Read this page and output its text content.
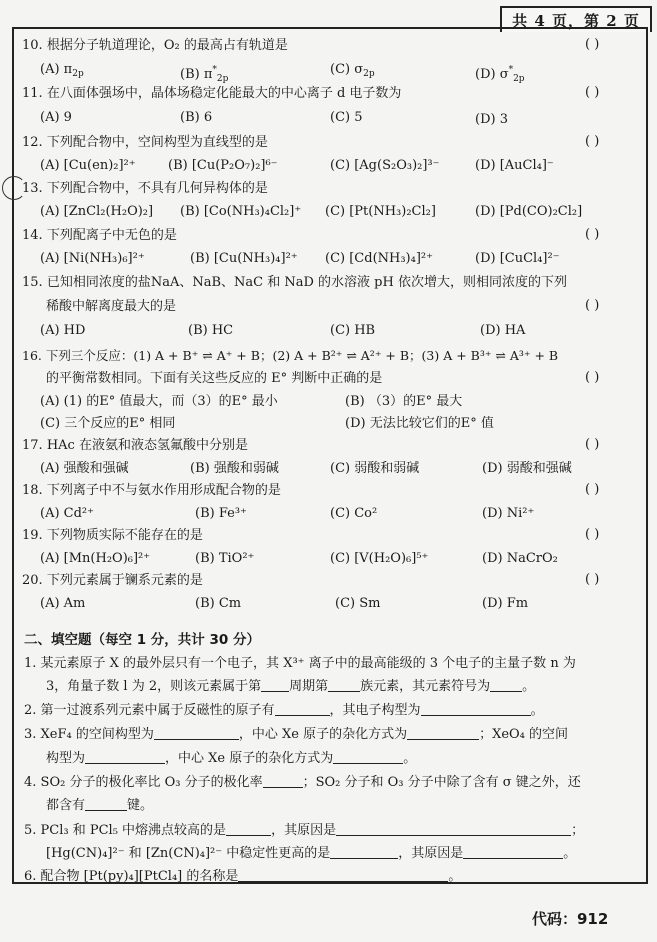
共 4 页，第 2 页
10. 根据分子轨道理论，O₂ 的最高占有轨道是	( )
(A) $\pi_{2p}$	(B) $\pi^*_{2p}$
(C) $\sigma_{2p}$	(D) $\sigma^*_{2p}$
11. 在八面体强场中，晶体场稳定化能最大的中心离子 d 电子数为	( )
(A) 9	(B) 6	(C) 5	(D) 3
12. 下列配合物中，空间构型为直线型的是	( )
(A) [Cu(en)₂]²⁺ (B) [Cu(P₂O₇)₂]⁶⁻	(C) [Ag(S₂O₃)₂]³⁻	(D) [AuCl₄]⁻
13. 下列配合物中，不具有几何异构体的是
(A) [ZnCl₂(H₂O)₂] (B) [Co(NH₃)₄Cl₂]⁺ (C) [Pt(NH₃)₂Cl₂]	(D) [Pd(CO)₂Cl₂]
14. 下列配离子中无色的是	( )
(A) [Ni(NH₃)₆]²⁺	(B) [Cu(NH₃)₄]²⁺ (C) [Cd(NH₃)₄]²⁺	(D) [CuCl₄]²⁻
15. 已知相同浓度的盐NaA、NaB、NaC 和 NaD 的水溶液 pH 依次增大，则相同浓度的下列
稀酸中解离度最大的是	( )
(A) HD	(B) HC	(C) HB	(D) HA
16. 下列三个反应：(1) A + B⁺ ⇌ A⁺ + B；(2) A + B²⁺ ⇌ A²⁺ + B；(3) A + B³⁺ ⇌ A³⁺ + B
的平衡常数相同。下面有关这些反应的 E° 判断中正确的是	( )
(A) (1) 的E° 值最大，而（3）的E° 最小	(B) （3）的E° 最大
(C) 三个反应的E° 相同	(D) 无法比较它们的E° 值
17. HAc 在液氨和液态氢氟酸中分别是	( )
(A) 强酸和强碱	(B) 强酸和弱碱	(C) 弱酸和弱碱	(D) 弱酸和强碱
18. 下列离子中不与氨水作用形成配合物的是	( )
(A) Cd²⁺	(B) Fe³⁺	(C) Co²	(D) Ni²⁺
19. 下列物质实际不能存在的是	( )
(A) [Mn(H₂O)₆]²⁺	(B) TiO²⁺	(C) [V(H₂O)₆]⁵⁺	(D) NaCrO₂
20. 下列元素属于镧系元素的是	( )
(A) Am	(B) Cm	(C) Sm	(D) Fm
二、填空题（每空 1 分，共计 30 分）
1. 某元素原子 X 的最外层只有一个电子，其 X³⁺ 离子中的最高能级的 3 个电子的主量子数 n 为
3，角量子数 l 为 2，则该元素属于第 周期第 族元素，其元素符号为 。
2. 第一过渡系列元素中属于反磁性的原子有	，其电子构型为	。
3. XeF₄ 的空间构型为	，中心 Xe 原子的杂化方式为	；XeO₄ 的空间
构型为	，中心 Xe 原子的杂化方式为	。
4. SO₂ 分子的极化率比 O₃ 分子的极化率	；SO₂ 分子和 O₃ 分子中除了含有 σ 键之外，还
都含有	键。
5. PCl₃ 和 PCl₅ 中熔沸点较高的是	，其原因是	；
[Hg(CN)₄]²⁻ 和 [Zn(CN)₄]²⁻ 中稳定性更高的是	，其原因是	。
6. 配合物 [Pt(py)₄][PtCl₄] 的名称是	。
代码：912
